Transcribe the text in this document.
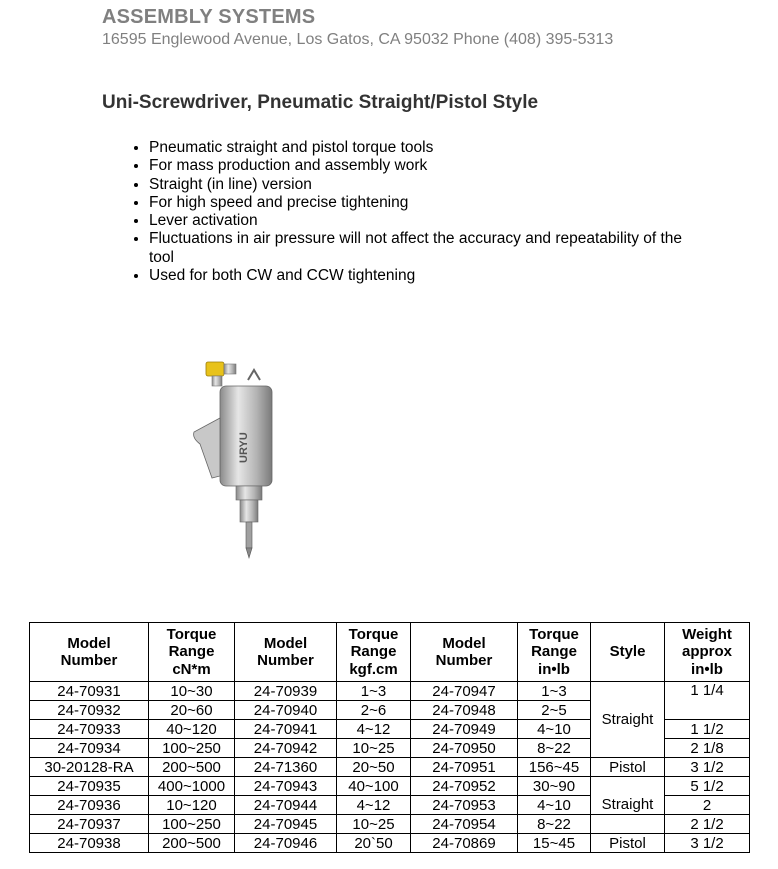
ASSEMBLY SYSTEMS
16595 Englewood Avenue, Los Gatos, CA 95032 Phone (408) 395-5313
Uni-Screwdriver, Pneumatic Straight/Pistol Style
• Pneumatic straight and pistol torque tools
• For mass production and assembly work
• Straight (in line) version
• For high speed and precise tightening
• Lever activation
• Fluctuations in air pressure will not affect the accuracy and repeatability of the tool
• Used for both CW and CCW tightening
URYU
Model
Number	Torque
Range
cN*m	Model
Number	Torque
Range
kgf.cm	Model
Number	Torque
Range
in•lb	Style	Weight
approx
in•lb
24-70931	10~30	24-70939	1~3	24-70947	1~3	Straight	1 1/4
24-70932	20~60	24-70940	2~6	24-70948	2~5		
24-70933	40~120	24-70941	4~12	24-70949	4~10		1 1/2
24-70934	100~250	24-70942	10~25	24-70950	8~22		2 1/8
30-20128-RA	200~500	24-71360	20~50	24-70951	156~45	Pistol	3 1/2
24-70935	400~1000	24-70943	40~100	24-70952	30~90	Straight	5 1/2
24-70936	10~120	24-70944	4~12	24-70953	4~10		2
24-70937	100~250	24-70945	10~25	24-70954	8~22		2 1/2
24-70938	200~500	24-70946	20`50	24-70869	15~45	Pistol	3 1/2
